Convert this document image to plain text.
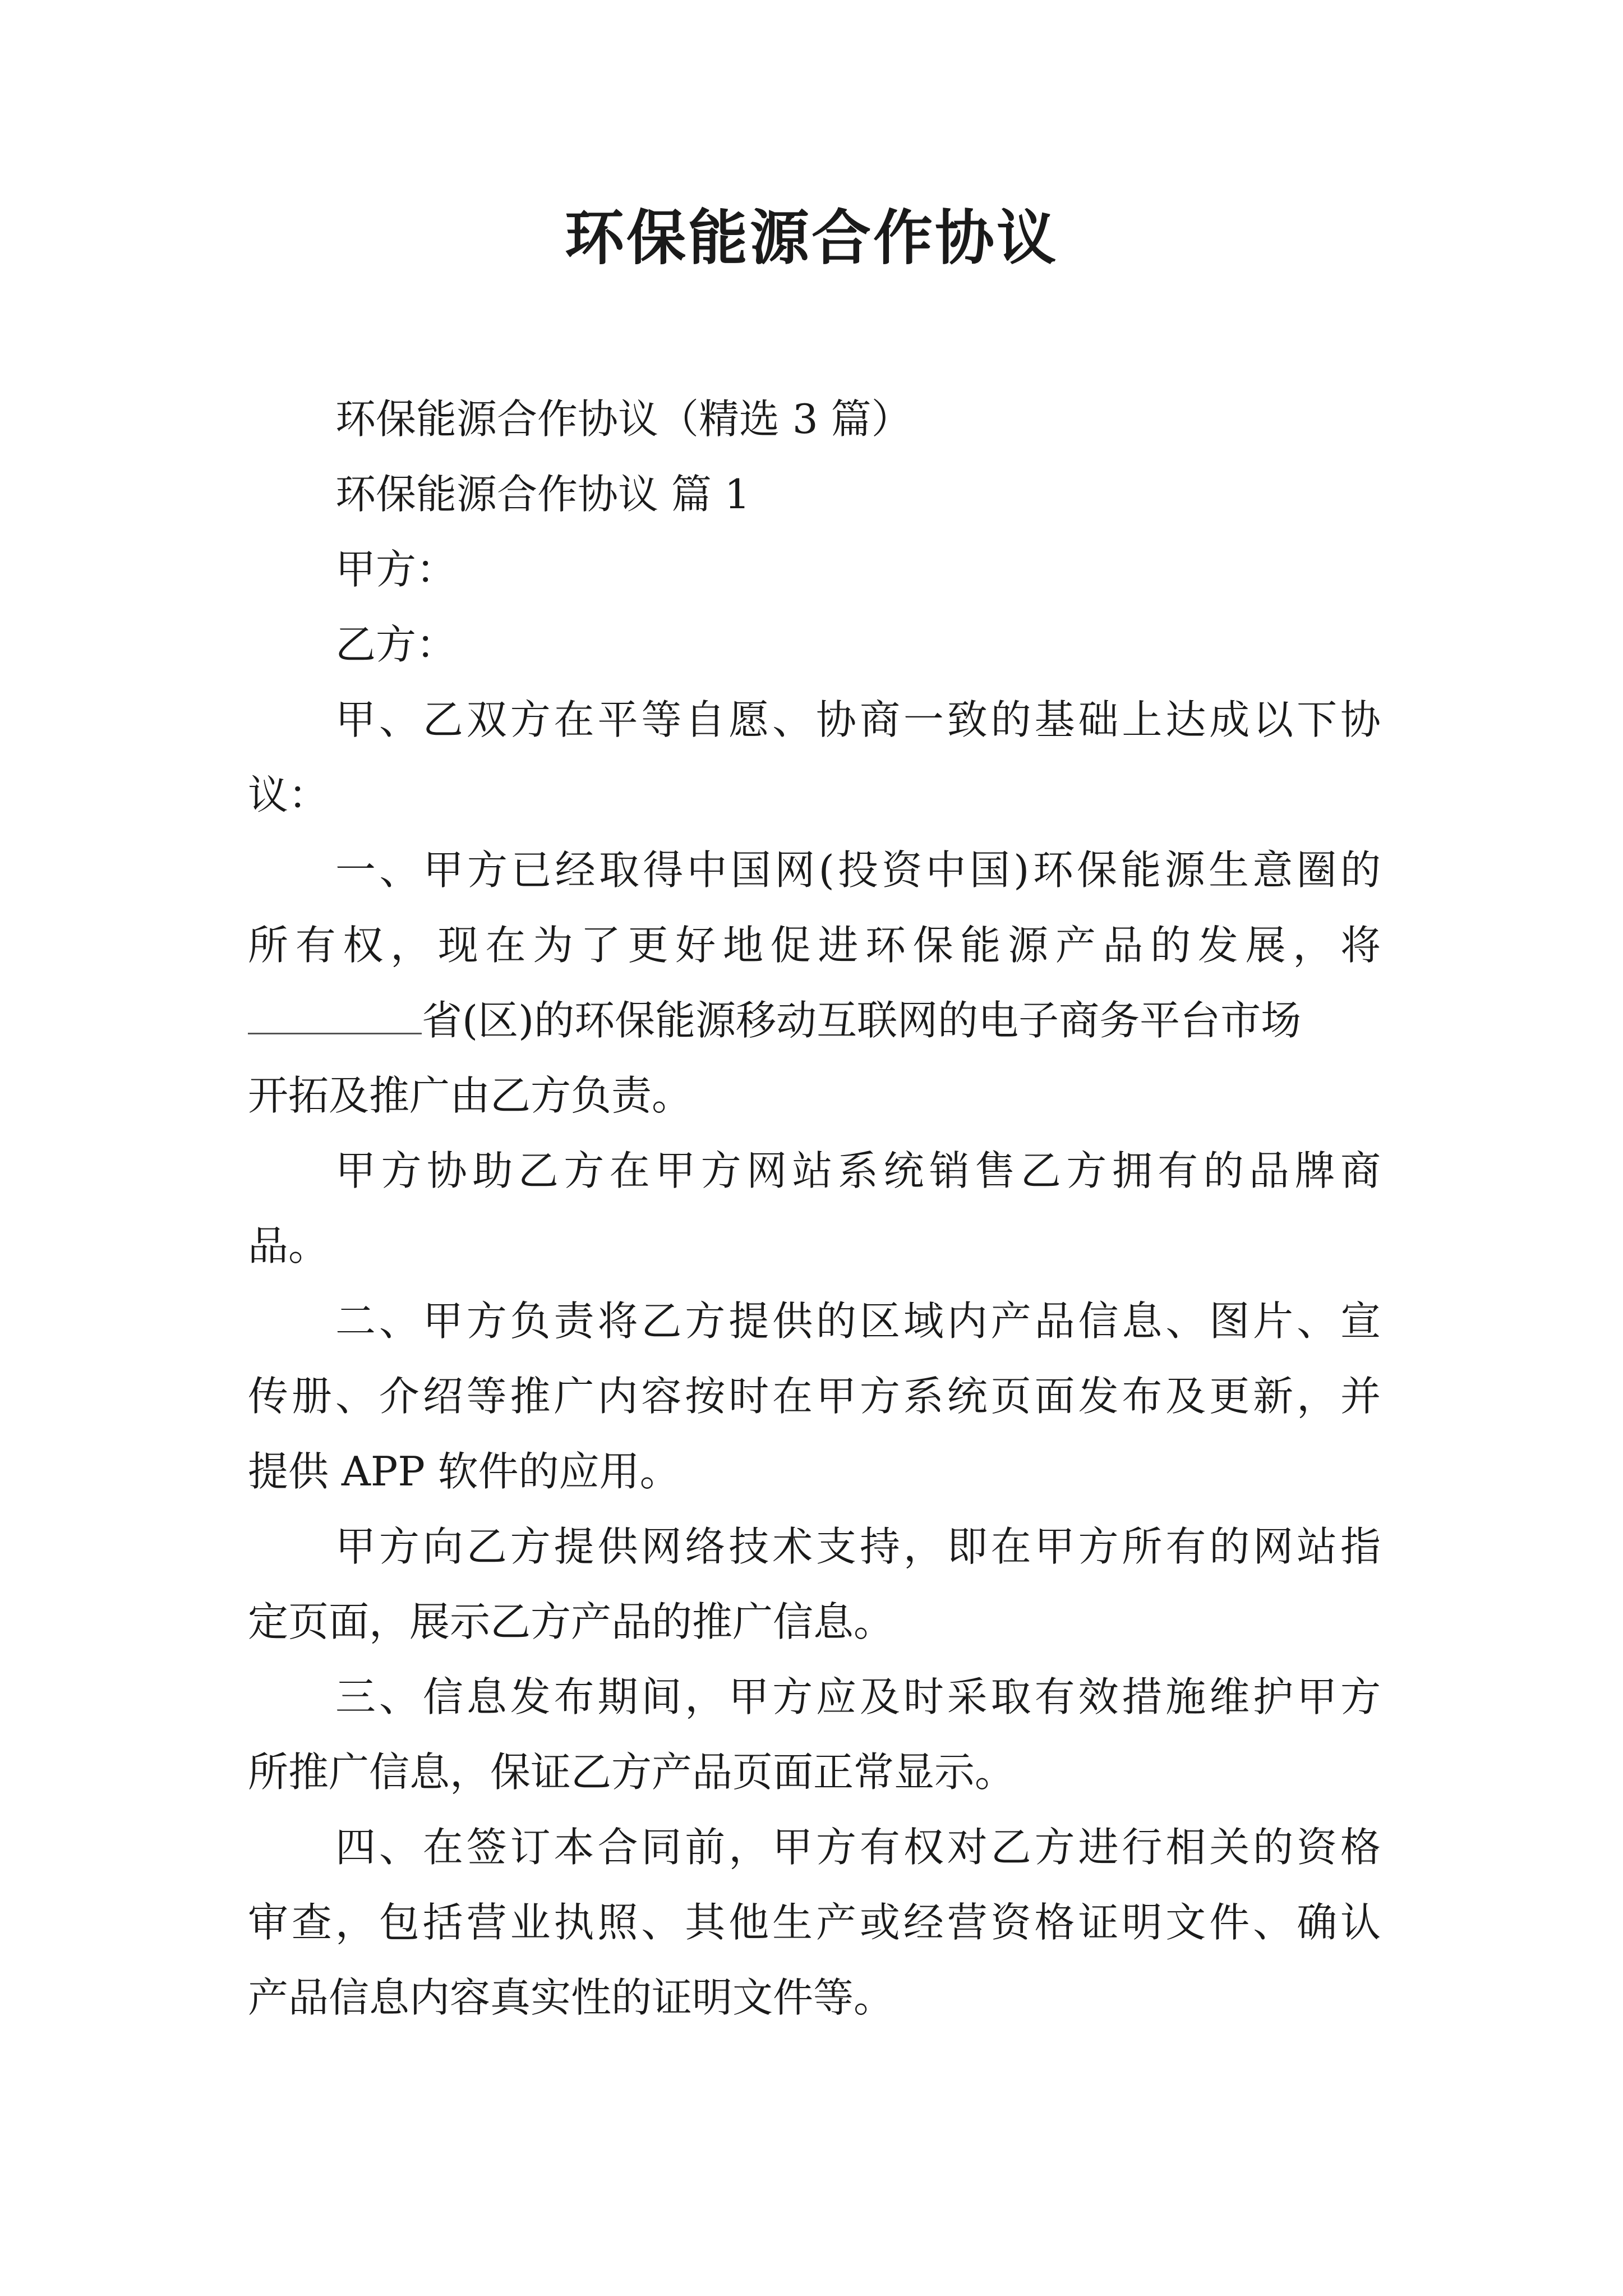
环保能源合作协议
环保能源合作协议（精选 3 篇）
环保能源合作协议 篇 1
甲方：
乙方：
甲、乙双方在平等自愿、协商一致的基础上达成以下协
议：
一、甲方已经取得中国网(投资中国)环保能源生意圈的
所有权，现在为了更好地促进环保能源产品的发展，将
省(区)的环保能源移动互联网的电子商务平台市场
开拓及推广由乙方负责。
甲方协助乙方在甲方网站系统销售乙方拥有的品牌商
品。
二、甲方负责将乙方提供的区域内产品信息、图片、宣
传册、介绍等推广内容按时在甲方系统页面发布及更新，并
提供 APP 软件的应用。
甲方向乙方提供网络技术支持，即在甲方所有的网站指
定页面，展示乙方产品的推广信息。
三、信息发布期间，甲方应及时采取有效措施维护甲方
所推广信息，保证乙方产品页面正常显示。
四、在签订本合同前，甲方有权对乙方进行相关的资格
审查，包括营业执照、其他生产或经营资格证明文件、确认
产品信息内容真实性的证明文件等。
